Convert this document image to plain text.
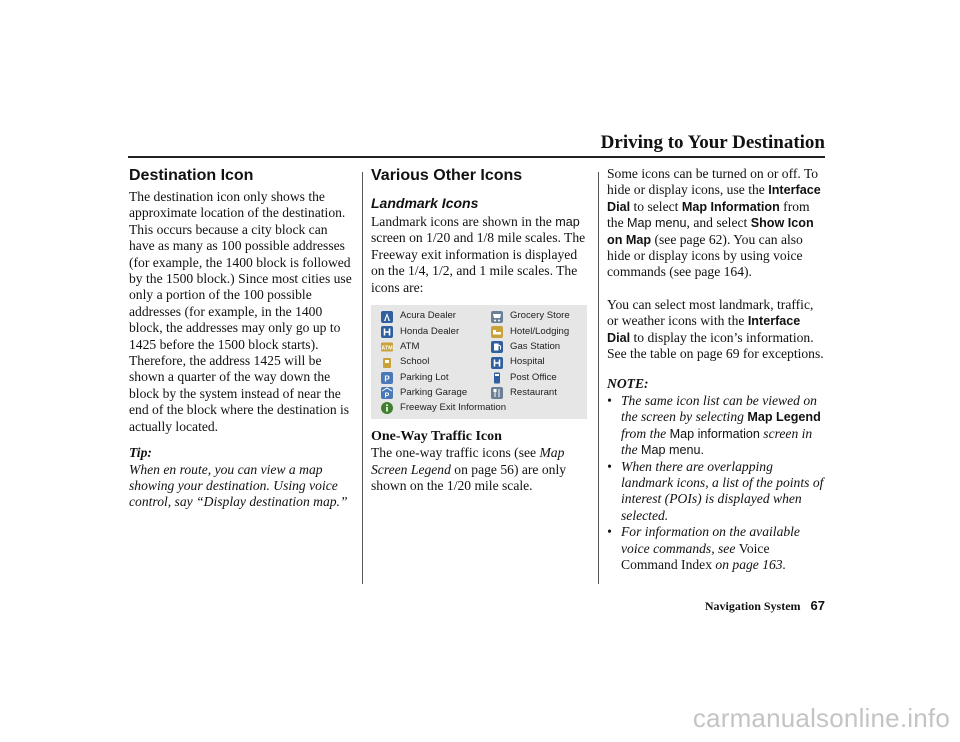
Driving to Your Destination
Destination Icon

The destination icon only shows the approximate location of the destination. This occurs because a city block can have as many as 100 possible addresses (for example, the 1400 block is followed by the 1500 block.) Since most cities use only a portion of the 100 possible addresses (for example, in the 1400 block, the addresses may only go up to 1425 before the 1500 block starts). Therefore, the address 1425 will be shown a quarter of the way down the block by the system instead of near the end of the block where the destination is actually located.

Tip:

When en route, you can view a map showing your destination. Using voice control, say “Display destination map.”

Various Other Icons
Landmark Icons

Landmark icons are shown in the map screen on 1/20 and 1/8 mile scales. The Freeway exit information is displayed on the 1/4, 1/2, and 1 mile scales. The icons are:

Acura Dealer	Grocery Store
Honda Dealer	Hotel/Lodging
ATM ATM	Gas Station
School	Hospital
P Parking Lot	Post Office
P Parking Garage	Restaurant
Freeway Exit Information
One-Way Traffic Icon

The one-way traffic icons (see Map Screen Legend on page 56) are only shown on the 1/20 mile scale.

Some icons can be turned on or off. To hide or display icons, use the Interface Dial to select Map Information from the Map menu, and select Show Icon on Map (see page 62). You can also hide or display icons by using voice commands (see page 164).

You can select most landmark, traffic, or weather icons with the Interface Dial to display the icon’s information. See the table on page 69 for exceptions.

NOTE:

• The same icon list can be viewed on the screen by selecting Map Legend from the Map information screen in the Map menu.
• When there are overlapping landmark icons, a list of the points of interest (POIs) is displayed when selected.
• For information on the available voice commands, see Voice Command Index on page 163.
Navigation System 67
carmanualsonline.info
